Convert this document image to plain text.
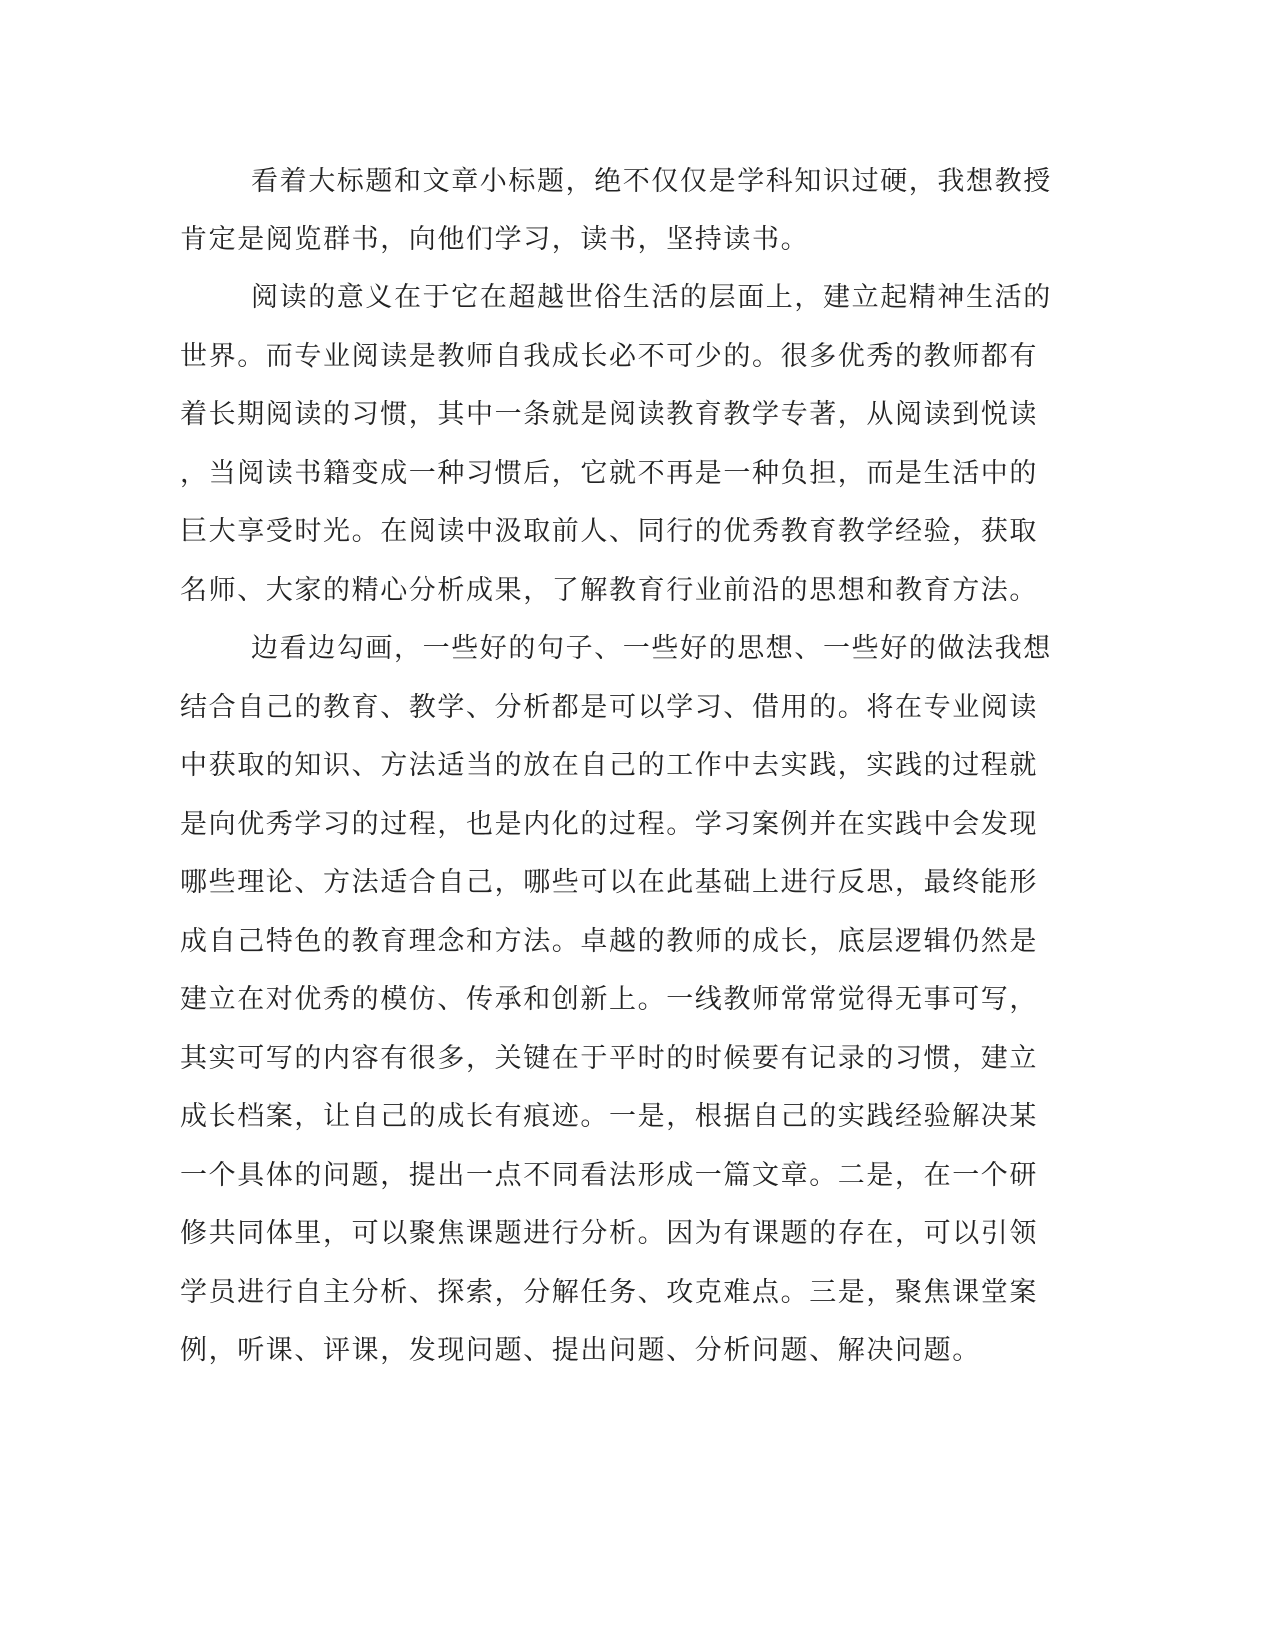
看着大标题和文章小标题，绝不仅仅是学科知识过硬，我想教授
肯定是阅览群书，向他们学习，读书，坚持读书。
阅读的意义在于它在超越世俗生活的层面上，建立起精神生活的
世界。而专业阅读是教师自我成长必不可少的。很多优秀的教师都有
着长期阅读的习惯，其中一条就是阅读教育教学专著，从阅读到悦读
，当阅读书籍变成一种习惯后，它就不再是一种负担，而是生活中的
巨大享受时光。在阅读中汲取前人、同行的优秀教育教学经验，获取
名师、大家的精心分析成果，了解教育行业前沿的思想和教育方法。
边看边勾画，一些好的句子、一些好的思想、一些好的做法我想
结合自己的教育、教学、分析都是可以学习、借用的。将在专业阅读
中获取的知识、方法适当的放在自己的工作中去实践，实践的过程就
是向优秀学习的过程，也是内化的过程。学习案例并在实践中会发现
哪些理论、方法适合自己，哪些可以在此基础上进行反思，最终能形
成自己特色的教育理念和方法。卓越的教师的成长，底层逻辑仍然是
建立在对优秀的模仿、传承和创新上。一线教师常常觉得无事可写，
其实可写的内容有很多，关键在于平时的时候要有记录的习惯，建立
成长档案，让自己的成长有痕迹。一是，根据自己的实践经验解决某
一个具体的问题，提出一点不同看法形成一篇文章。二是，在一个研
修共同体里，可以聚焦课题进行分析。因为有课题的存在，可以引领
学员进行自主分析、探索，分解任务、攻克难点。三是，聚焦课堂案
例，听课、评课，发现问题、提出问题、分析问题、解决问题。
